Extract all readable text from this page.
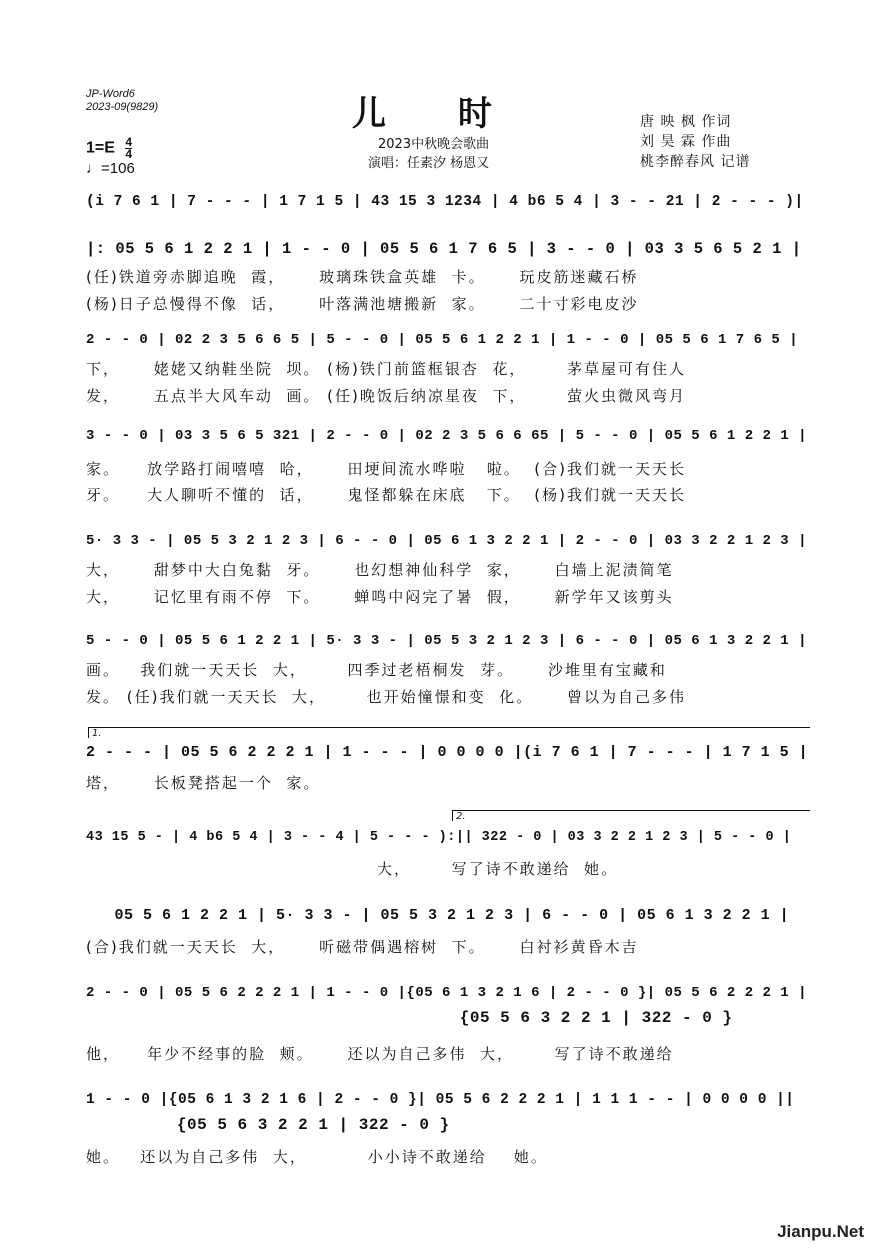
JP-Word6
2023-09(9829)	儿 时
2023中秋晚会歌曲
演唱：任素汐 杨恩又
唐 映 枫 作词
刘 昊 霖 作曲
桃李醉春风 记谱
$1=E \frac{4}{4}$
♩=106
(i 7 6 1 | 7 - - - | 1 7 1 5 | 43 15 3 1234 | 4 b6 5 4 | 3 - - 21 | 2 - - - )|
|: 05 5 6 1 2 2 1 | 1 - - 0 | 05 5 6 1 7 6 5 | 3 - - 0 | 03 3 5 6 5 2 1 |
(任)铁道旁赤脚追晚  霞，     玻璃珠铁盒英雄  卡。     玩皮筋迷藏石桥
(杨)日子总慢得不像  话，     叶落满池塘搬新  家。     二十寸彩电皮沙
2 - - 0 | 02 2 3 5 6 6 5 | 5 - - 0 | 05 5 6 1 2 2 1 | 1 - - 0 | 05 5 6 1 7 6 5 |
下，     姥姥又纳鞋坐院  坝。 (杨)铁门前篮框银杏  花，      茅草屋可有住人
发，     五点半大风车动  画。 (任)晚饭后纳凉星夜  下，      萤火虫微风弯月
3 - - 0 | 03 3 5 6 5 321 | 2 - - 0 | 02 2 3 5 6 6 65 | 5 - - 0 | 05 5 6 1 2 2 1 |
家。    放学路打闹嘻嘻  哈，     田埂间流水哗啦   啦。  (合)我们就一天天长
牙。    大人聊听不懂的  话，     鬼怪都躲在床底   下。  (杨)我们就一天天长
5· 3 3 - | 05 5 3 2 1 2 3 | 6 - - 0 | 05 6 1 3 2 2 1 | 2 - - 0 | 03 3 2 2 1 2 3 |
大，     甜梦中大白兔黏  牙。     也幻想神仙科学  家，     白墙上泥渍简笔
大，     记忆里有雨不停  下。     蝉鸣中闷完了暑  假，     新学年又该剪头
5 - - 0 | 05 5 6 1 2 2 1 | 5· 3 3 - | 05 5 3 2 1 2 3 | 6 - - 0 | 05 6 1 3 2 2 1 |
画。   我们就一天天长  大，      四季过老梧桐发  芽。     沙堆里有宝藏和
发。 (任)我们就一天天长  大，      也开始憧憬和变  化。     曾以为自己多伟
1.
2 - - - | 05 5 6 2 2 2 1 | 1 - - - | 0 0 0 0 |(i 7 6 1 | 7 - - - | 1 7 1 5 |
塔，     长板凳搭起一个  家。
2.
43 15 5 - | 4 b6 5 4 | 3 - - 4 | 5 - - - ):|| 322 - 0 | 03 3 2 2 1 2 3 | 5 - - 0 |
大，      写了诗不敢递给  她。
05 5 6 1 2 2 1 | 5· 3 3 - | 05 5 3 2 1 2 3 | 6 - - 0 | 05 6 1 3 2 2 1 |
(合)我们就一天天长  大，     听磁带偶遇榕树  下。     白衬衫黄昏木吉
2 - - 0 | 05 5 6 2 2 2 1 | 1 - - 0 |{05 6 1 3 2 1 6 | 2 - - 0 }| 05 5 6 2 2 2 1 |
{05 5 6 3 2 2 1 | 322 - 0 }
他，    年少不经事的脸  颊。     还以为自己多伟  大，      写了诗不敢递给
1 - - 0 |{05 6 1 3 2 1 6 | 2 - - 0 }| 05 5 6 2 2 2 1 | 1 1 1 - - | 0 0 0 0 ||
{05 5 6 3 2 2 1 | 322 - 0 }
她。   还以为自己多伟  大，         小小诗不敢递给    她。
Jianpu.Net
